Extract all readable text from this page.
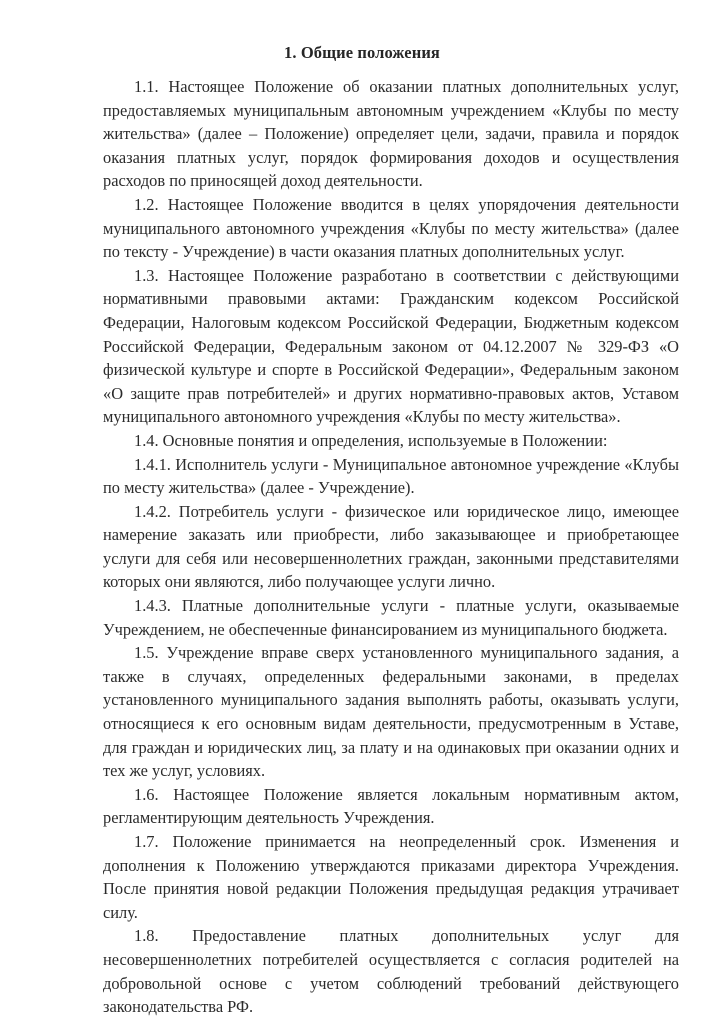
1. Общие положения

1.1. Настоящее Положение об оказании платных дополнительных услуг, предоставляемых муниципальным автономным учреждением «Клубы по месту жительства» (далее – Положение) определяет цели, задачи, правила и порядок оказания платных услуг, порядок формирования доходов и осуществления расходов по приносящей доход деятельности.

1.2. Настоящее Положение вводится в целях упорядочения деятельности муниципального автономного учреждения «Клубы по месту жительства» (далее по тексту - Учреждение) в части оказания платных дополнительных услуг.

1.3. Настоящее Положение разработано в соответствии с действующими нормативными правовыми актами: Гражданским кодексом Российской Федерации, Налоговым кодексом Российской Федерации, Бюджетным кодексом Российской Федерации, Федеральным законом от 04.12.2007 № 329-ФЗ «О физической культуре и спорте в Российской Федерации», Федеральным законом «О защите прав потребителей» и других нормативно-правовых актов, Уставом муниципального автономного учреждения «Клубы по месту жительства».

1.4. Основные понятия и определения, используемые в Положении:

1.4.1. Исполнитель услуги - Муниципальное автономное учреждение «Клубы по месту жительства» (далее - Учреждение).

1.4.2. Потребитель услуги - физическое или юридическое лицо, имеющее намерение заказать или приобрести, либо заказывающее и приобретающее услуги для себя или несовершеннолетних граждан, законными представителями которых они являются, либо получающее услуги лично.

1.4.3. Платные дополнительные услуги - платные услуги, оказываемые Учреждением, не обеспеченные финансированием из муниципального бюджета.

1.5. Учреждение вправе сверх установленного муниципального задания, а также в случаях, определенных федеральными законами, в пределах установленного муниципального задания выполнять работы, оказывать услуги, относящиеся к его основным видам деятельности, предусмотренным в Уставе, для граждан и юридических лиц, за плату и на одинаковых при оказании одних и тех же услуг, условиях.

1.6. Настоящее Положение является локальным нормативным актом, регламентирующим деятельность Учреждения.

1.7. Положение принимается на неопределенный срок. Изменения и дополнения к Положению утверждаются приказами директора Учреждения. После принятия новой редакции Положения предыдущая редакция утрачивает силу.

1.8. Предоставление платных дополнительных услуг для несовершеннолетних потребителей осуществляется с согласия родителей на добровольной основе с учетом соблюдений требований действующего законодательства РФ.
